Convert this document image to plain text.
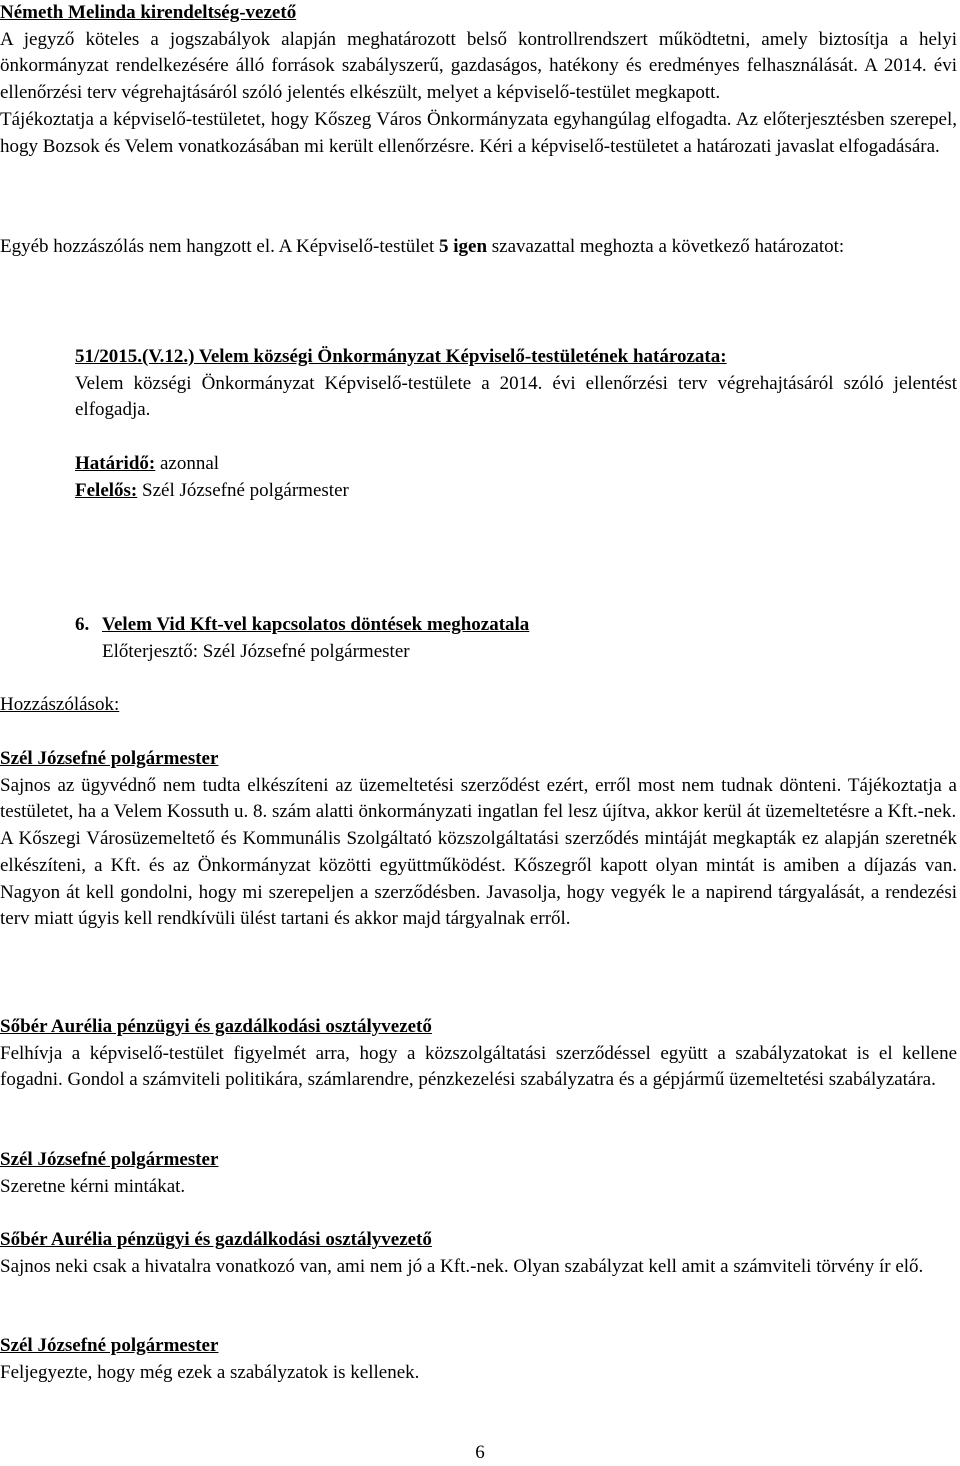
Németh Melinda kirendeltség-vezető

A jegyző köteles a jogszabályok alapján meghatározott belső kontrollrendszert működtetni, amely biztosítja a helyi önkormányzat rendelkezésére álló források szabályszerű, gazdaságos, hatékony és eredményes felhasználását. A 2014. évi ellenőrzési terv végrehajtásáról szóló jelentés elkészült, melyet a képviselő-testület megkapott.

Tájékoztatja a képviselő-testületet, hogy Kőszeg Város Önkormányzata egyhangúlag elfogadta. Az előterjesztésben szerepel, hogy Bozsok és Velem vonatkozásában mi került ellenőrzésre. Kéri a képviselő-testületet a határozati javaslat elfogadására.

Egyéb hozzászólás nem hangzott el. A Képviselő-testület 5 igen szavazattal meghozta a következő határozatot:

51/2015.(V.12.) Velem községi Önkormányzat Képviselő-testületének határozata:

Velem községi Önkormányzat Képviselő-testülete a 2014. évi ellenőrzési terv végrehajtásáról szóló jelentést elfogadja.

Határidő: azonnal

Felelős: Szél Józsefné polgármester

6. Velem Vid Kft-vel kapcsolatos döntések meghozatala

Előterjesztő: Szél Józsefné polgármester

Hozzászólások:

Szél Józsefné polgármester

Sajnos az ügyvédnő nem tudta elkészíteni az üzemeltetési szerződést ezért, erről most nem tudnak dönteni. Tájékoztatja a testületet, ha a Velem Kossuth u. 8. szám alatti önkormányzati ingatlan fel lesz újítva, akkor kerül át üzemeltetésre a Kft.-nek.

A Kőszegi Városüzemeltető és Kommunális Szolgáltató közszolgáltatási szerződés mintáját megkapták ez alapján szeretnék elkészíteni, a Kft. és az Önkormányzat közötti együttműködést. Kőszegről kapott olyan mintát is amiben a díjazás van. Nagyon át kell gondolni, hogy mi szerepeljen a szerződésben. Javasolja, hogy vegyék le a napirend tárgyalását, a rendezési terv miatt úgyis kell rendkívüli ülést tartani és akkor majd tárgyalnak erről.

Sőbér Aurélia pénzügyi és gazdálkodási osztályvezető

Felhívja a képviselő-testület figyelmét arra, hogy a közszolgáltatási szerződéssel együtt a szabályzatokat is el kellene fogadni. Gondol a számviteli politikára, számlarendre, pénzkezelési szabályzatra és a gépjármű üzemeltetési szabályzatára.

Szél Józsefné polgármester

Szeretne kérni mintákat.

Sőbér Aurélia pénzügyi és gazdálkodási osztályvezető

Sajnos neki csak a hivatalra vonatkozó van, ami nem jó a Kft.-nek. Olyan szabályzat kell amit a számviteli törvény ír elő.

Szél Józsefné polgármester

Feljegyezte, hogy még ezek a szabályzatok is kellenek.

6
